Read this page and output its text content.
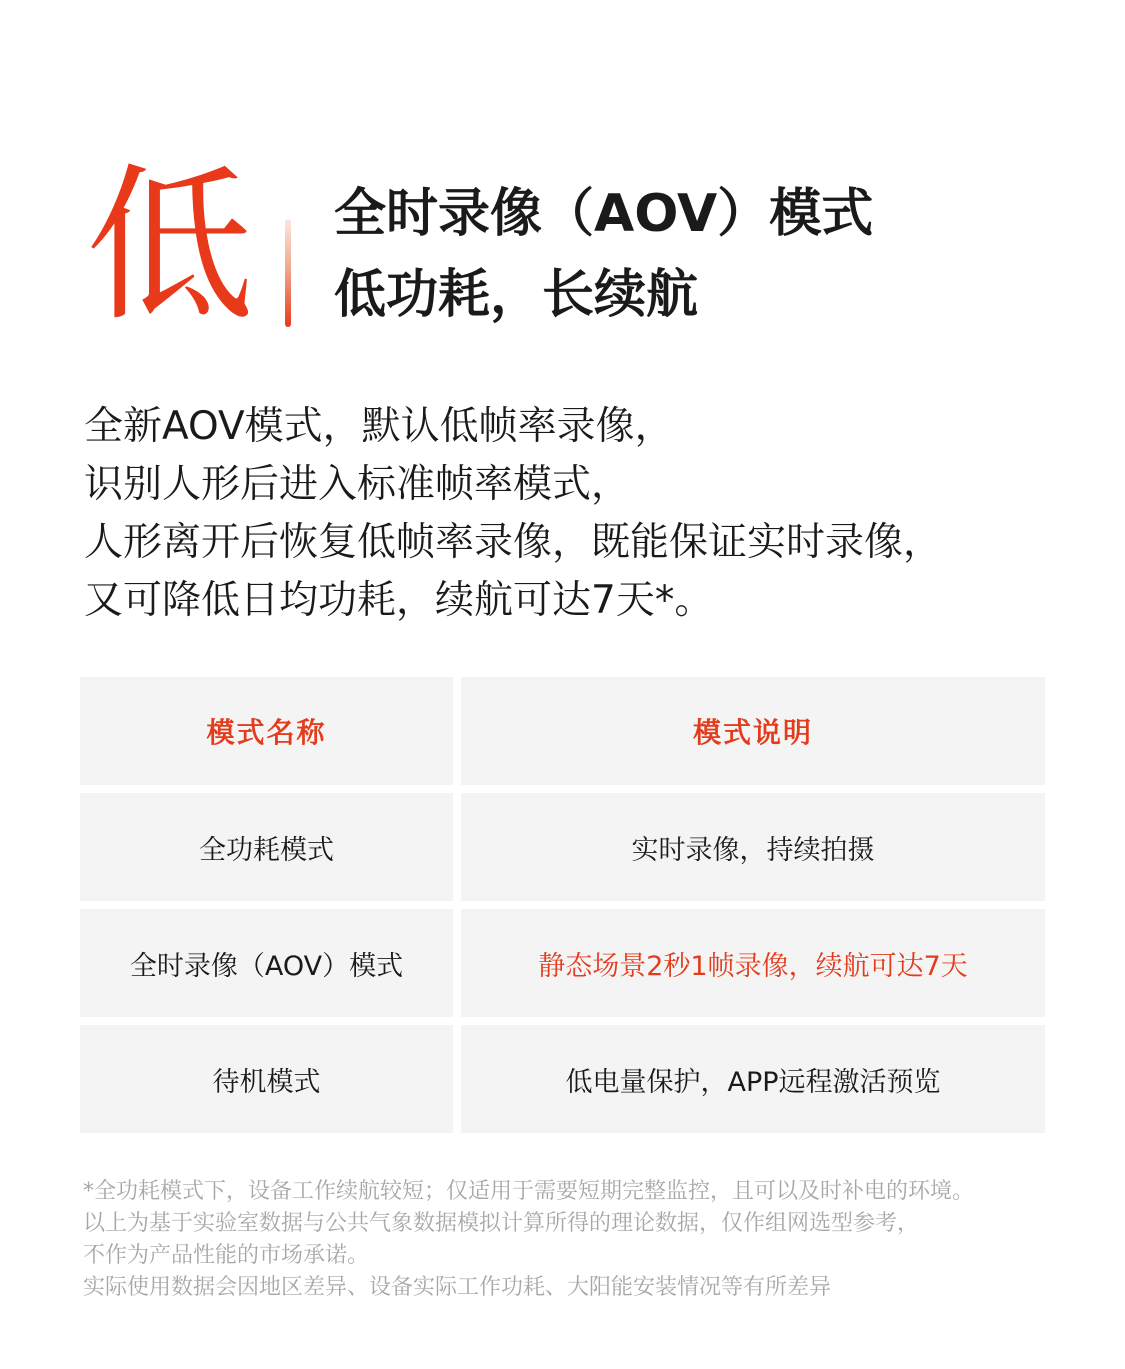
低 全时录像（AOV）模式
低功耗，长续航
全新AOV模式，默认低帧率录像，
识别人形后进入标准帧率模式，
人形离开后恢复低帧率录像，既能保证实时录像，
又可降低日均功耗，续航可达7天*。
模式名称	模式说明
全功耗模式	实时录像，持续拍摄
全时录像（AOV）模式	静态场景2秒1帧录像，续航可达7天
待机模式	低电量保护，APP远程激活预览
*全功耗模式下，设备工作续航较短；仅适用于需要短期完整监控，且可以及时补电的环境。
以上为基于实验室数据与公共气象数据模拟计算所得的理论数据，仅作组网选型参考，
不作为产品性能的市场承诺。
实际使用数据会因地区差异、设备实际工作功耗、大阳能安装情况等有所差异
